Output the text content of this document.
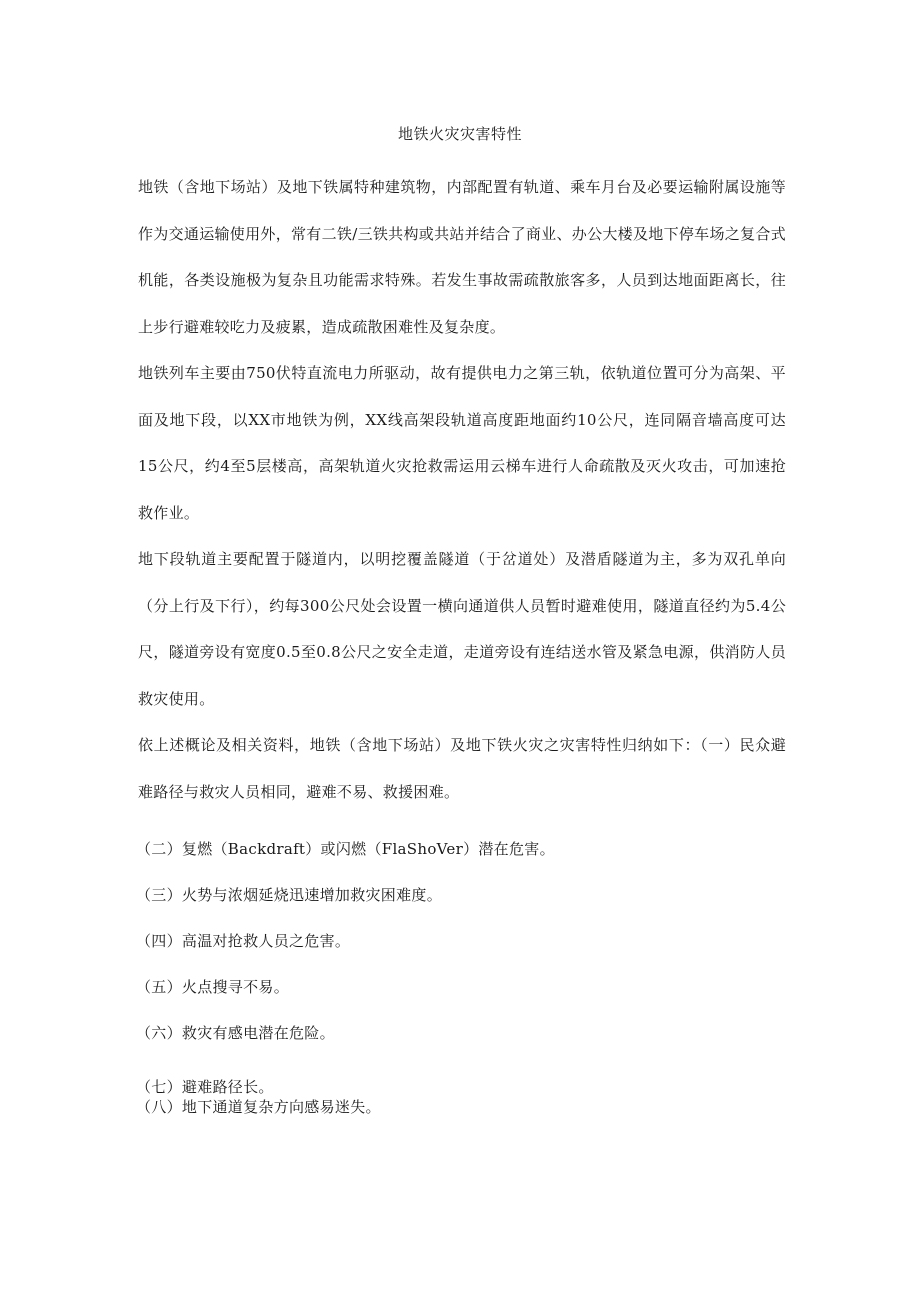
地铁火灾灾害特性

地铁（含地下场站）及地下铁属特种建筑物，内部配置有轨道、乘车月台及必要运输附属设施等作为交通运输使用外，常有二铁/三铁共构或共站并结合了商业、办公大楼及地下停车场之复合式机能，各类设施极为复杂且功能需求特殊。若发生事故需疏散旅客多，人员到达地面距离长，往上步行避难较吃力及疲累，造成疏散困难性及复杂度。

地铁列车主要由750伏特直流电力所驱动，故有提供电力之第三轨，依轨道位置可分为高架、平面及地下段，以XX市地铁为例，XX线高架段轨道高度距地面约10公尺，连同隔音墙高度可达15公尺，约4至5层楼高，高架轨道火灾抢救需运用云梯车进行人命疏散及灭火攻击，可加速抢救作业。

地下段轨道主要配置于隧道内，以明挖覆盖隧道（于岔道处）及潜盾隧道为主，多为双孔单向（分上行及下行），约每300公尺处会设置一横向通道供人员暂时避难使用，隧道直径约为5.4公尺，隧道旁设有宽度0.5至0.8公尺之安全走道，走道旁设有连结送水管及紧急电源，供消防人员救灾使用。

依上述概论及相关资料，地铁（含地下场站）及地下铁火灾之灾害特性归纳如下：（一）民众避难路径与救灾人员相同，避难不易、救援困难。

（二）复燃（Backdraft）或闪燃（FlaShoVer）潜在危害。
（三）火势与浓烟延烧迅速增加救灾困难度。
（四）高温对抢救人员之危害。
（五）火点搜寻不易。
（六）救灾有感电潜在危险。
（七）避难路径长。
（八）地下通道复杂方向感易迷失。
